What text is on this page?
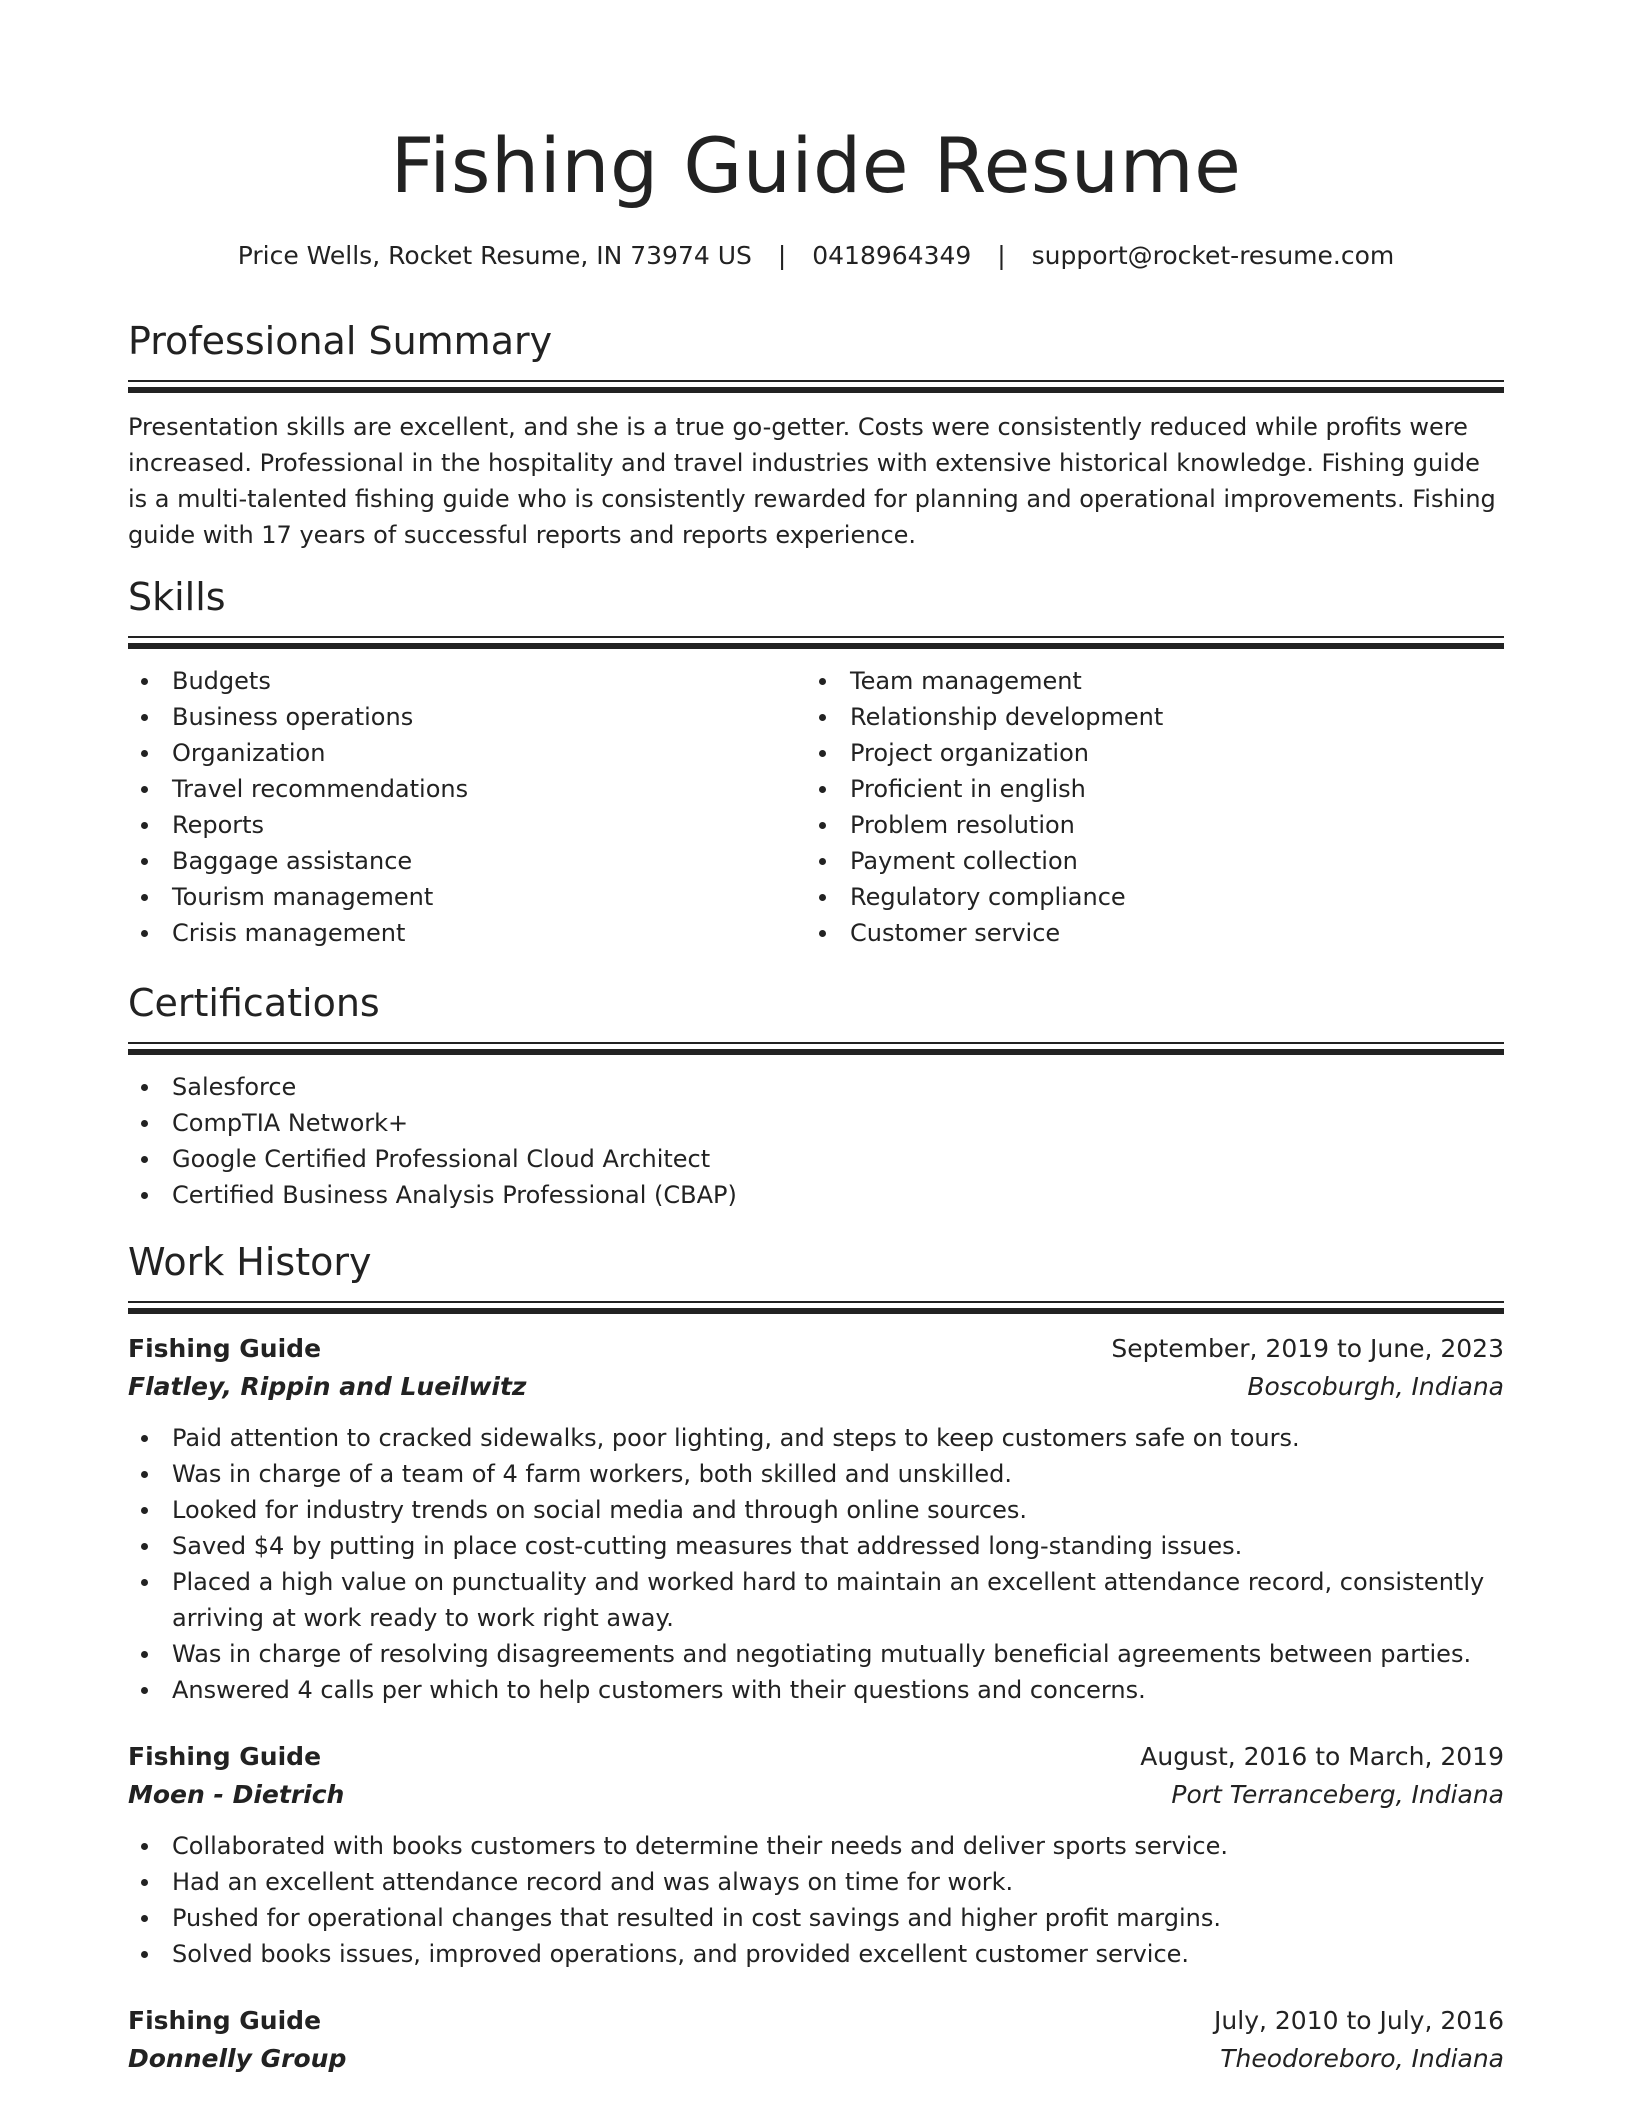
Fishing Guide Resume
Price Wells, Rocket Resume, IN 73974 US | 0418964349 | support@rocket-resume.com
Professional Summary

Presentation skills are excellent, and she is a true go-getter. Costs were consistently reduced while profits were increased. Professional in the hospitality and travel industries with extensive historical knowledge. Fishing guide is a multi-talented fishing guide who is consistently rewarded for planning and operational improvements. Fishing guide with 17 years of successful reports and reports experience.

Skills
Budgets
Business operations
Organization
Travel recommendations
Reports
Baggage assistance
Tourism management
Crisis management
Team management
Relationship development
Project organization
Proficient in english
Problem resolution
Payment collection
Regulatory compliance
Customer service
Certifications
Salesforce
CompTIA Network+
Google Certified Professional Cloud Architect
Certified Business Analysis Professional (CBAP)
Work History
Fishing Guide	September, 2019 to June, 2023
Flatley, Rippin and Lueilwitz	Boscoburgh, Indiana
Paid attention to cracked sidewalks, poor lighting, and steps to keep customers safe on tours.
Was in charge of a team of 4 farm workers, both skilled and unskilled.
Looked for industry trends on social media and through online sources.
Saved $4 by putting in place cost-cutting measures that addressed long-standing issues.
Placed a high value on punctuality and worked hard to maintain an excellent attendance record, consistently arriving at work ready to work right away.
Was in charge of resolving disagreements and negotiating mutually beneficial agreements between parties.
Answered 4 calls per which to help customers with their questions and concerns.
Fishing Guide	August, 2016 to March, 2019
Moen - Dietrich	Port Terranceberg, Indiana
Collaborated with books customers to determine their needs and deliver sports service.
Had an excellent attendance record and was always on time for work.
Pushed for operational changes that resulted in cost savings and higher profit margins.
Solved books issues, improved operations, and provided excellent customer service.
Fishing Guide	July, 2010 to July, 2016
Donnelly Group	Theodoreboro, Indiana
